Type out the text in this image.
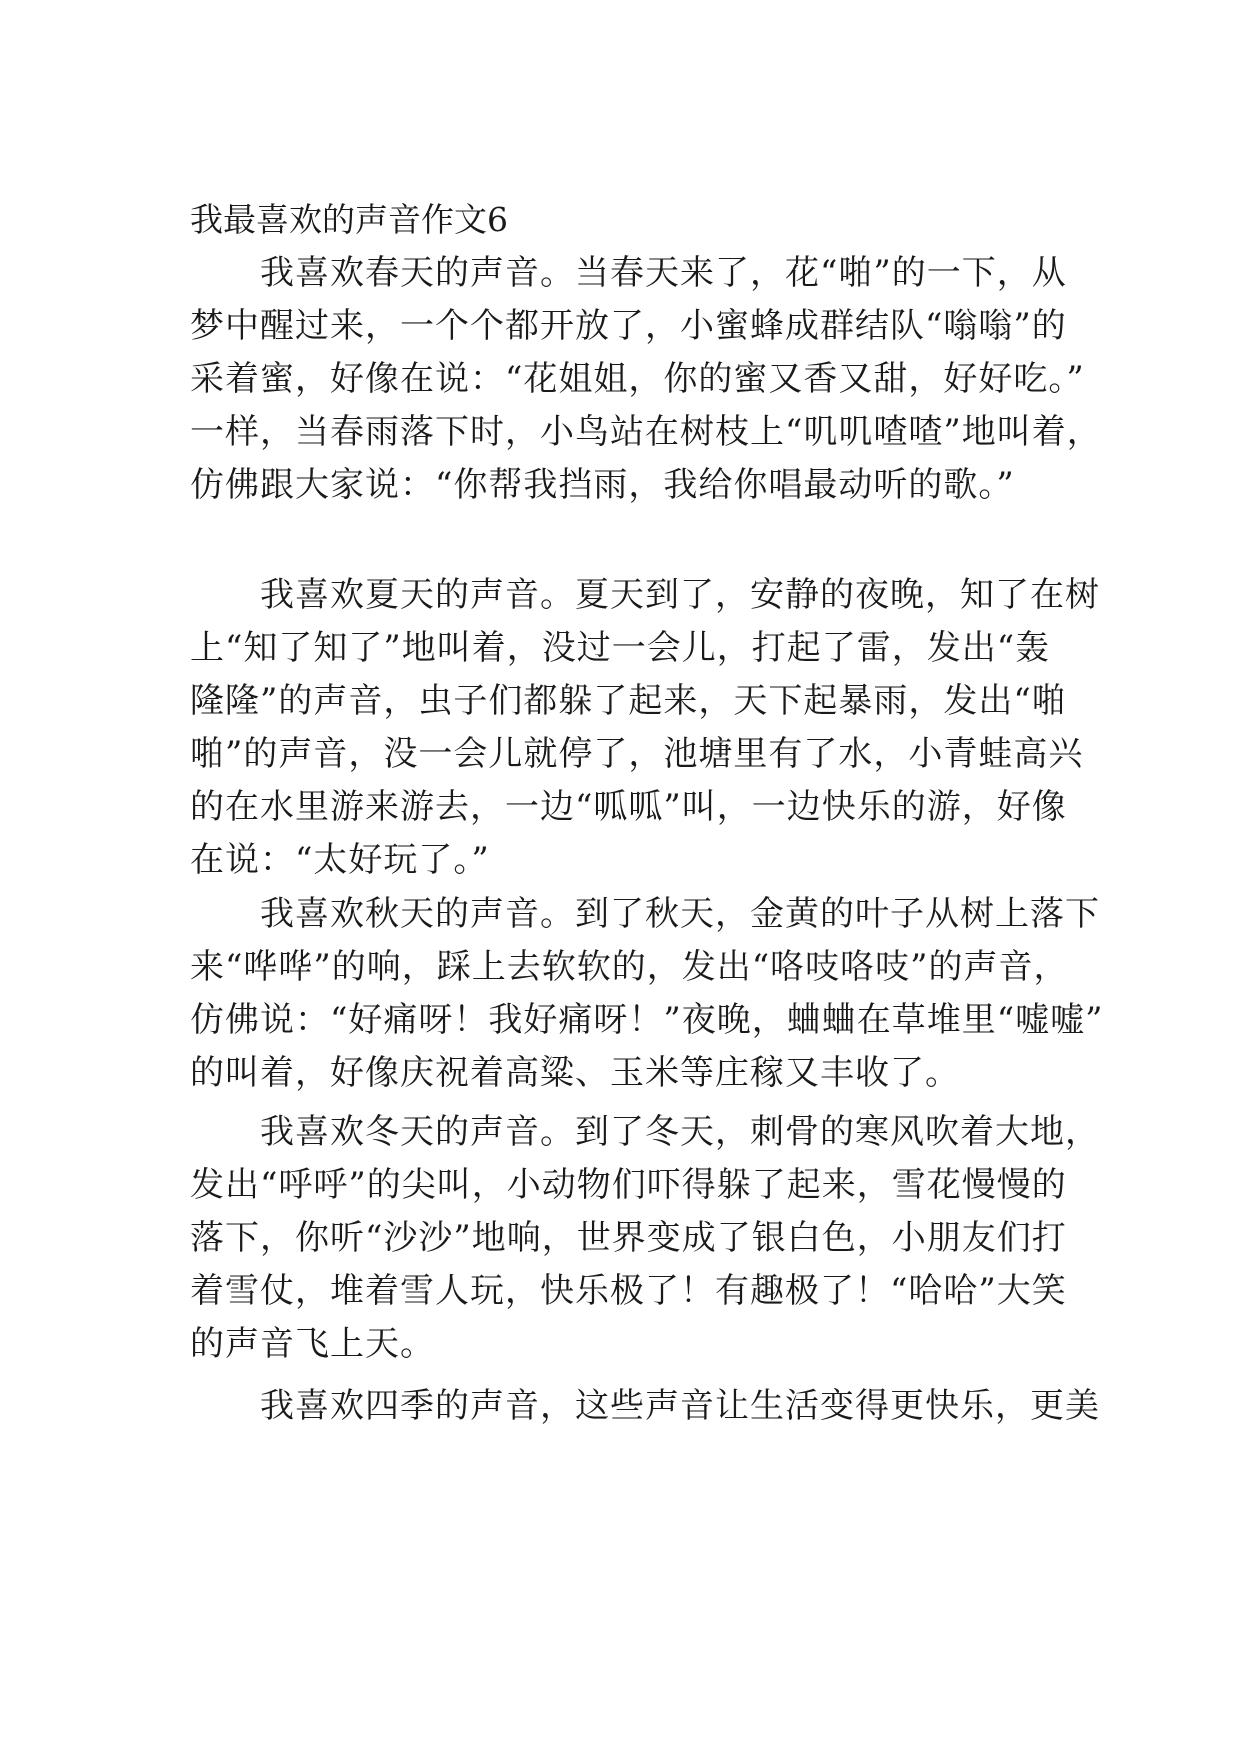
我最喜欢的声音作文6
　　我喜欢春天的声音。当春天来了，花“啪”的一下，从
梦中醒过来，一个个都开放了，小蜜蜂成群结队“嗡嗡”的
采着蜜，好像在说：“花姐姐，你的蜜又香又甜，好好吃。”
一样，当春雨落下时，小鸟站在树枝上“叽叽喳喳”地叫着，
仿佛跟大家说：“你帮我挡雨，我给你唱最动听的歌。”
　　我喜欢夏天的声音。夏天到了，安静的夜晚，知了在树
上“知了知了”地叫着，没过一会儿，打起了雷，发出“轰
隆隆”的声音，虫子们都躲了起来，天下起暴雨，发出“啪
啪”的声音，没一会儿就停了，池塘里有了水，小青蛙高兴
的在水里游来游去，一边“呱呱”叫，一边快乐的游，好像
在说：“太好玩了。”
　　我喜欢秋天的声音。到了秋天，金黄的叶子从树上落下
来“哗哗”的响，踩上去软软的，发出“咯吱咯吱”的声音，
仿佛说：“好痛呀！我好痛呀！”夜晚，蛐蛐在草堆里“嘘嘘”
的叫着，好像庆祝着高粱、玉米等庄稼又丰收了。
　　我喜欢冬天的声音。到了冬天，刺骨的寒风吹着大地，
发出“呼呼”的尖叫，小动物们吓得躲了起来，雪花慢慢的
落下，你听“沙沙”地响，世界变成了银白色，小朋友们打
着雪仗，堆着雪人玩，快乐极了！有趣极了！“哈哈”大笑
的声音飞上天。
　　我喜欢四季的声音，这些声音让生活变得更快乐，更美
